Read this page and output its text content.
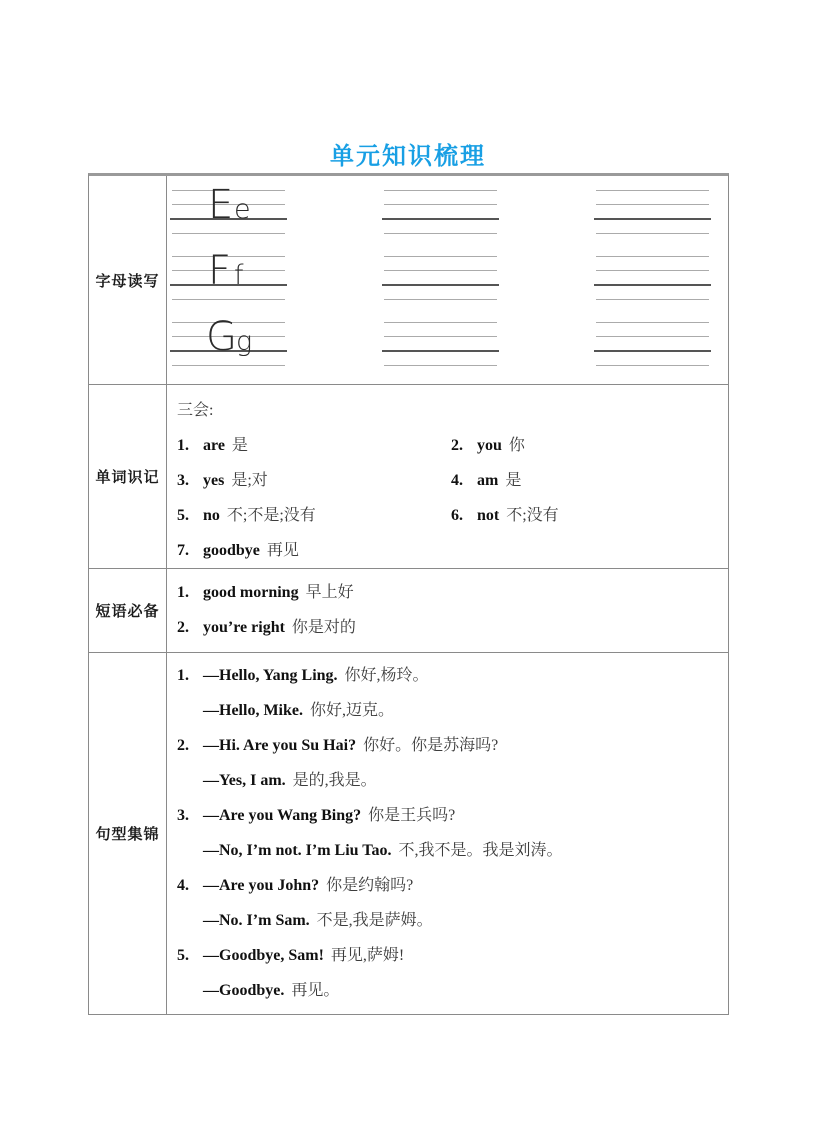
单元知识梳理
字母读写
E e
F f
G g
单词识记
三会:
1. are 是	2. you 你
3. yes 是;对	4. am 是
5. no 不;不是;没有	6. not 不;没有
7. goodbye 再见
短语必备
1. good morning 早上好
2. you’re right 你是对的
句型集锦
1. —Hello, Yang Ling. 你好,杨玲。
—Hello, Mike. 你好,迈克。
2. —Hi. Are you Su Hai? 你好。你是苏海吗?
—Yes, I am. 是的,我是。
3. —Are you Wang Bing? 你是王兵吗?
—No, I’m not. I’m Liu Tao. 不,我不是。我是刘涛。
4. —Are you John? 你是约翰吗?
—No. I’m Sam. 不是,我是萨姆。
5. —Goodbye, Sam! 再见,萨姆!
—Goodbye. 再见。
